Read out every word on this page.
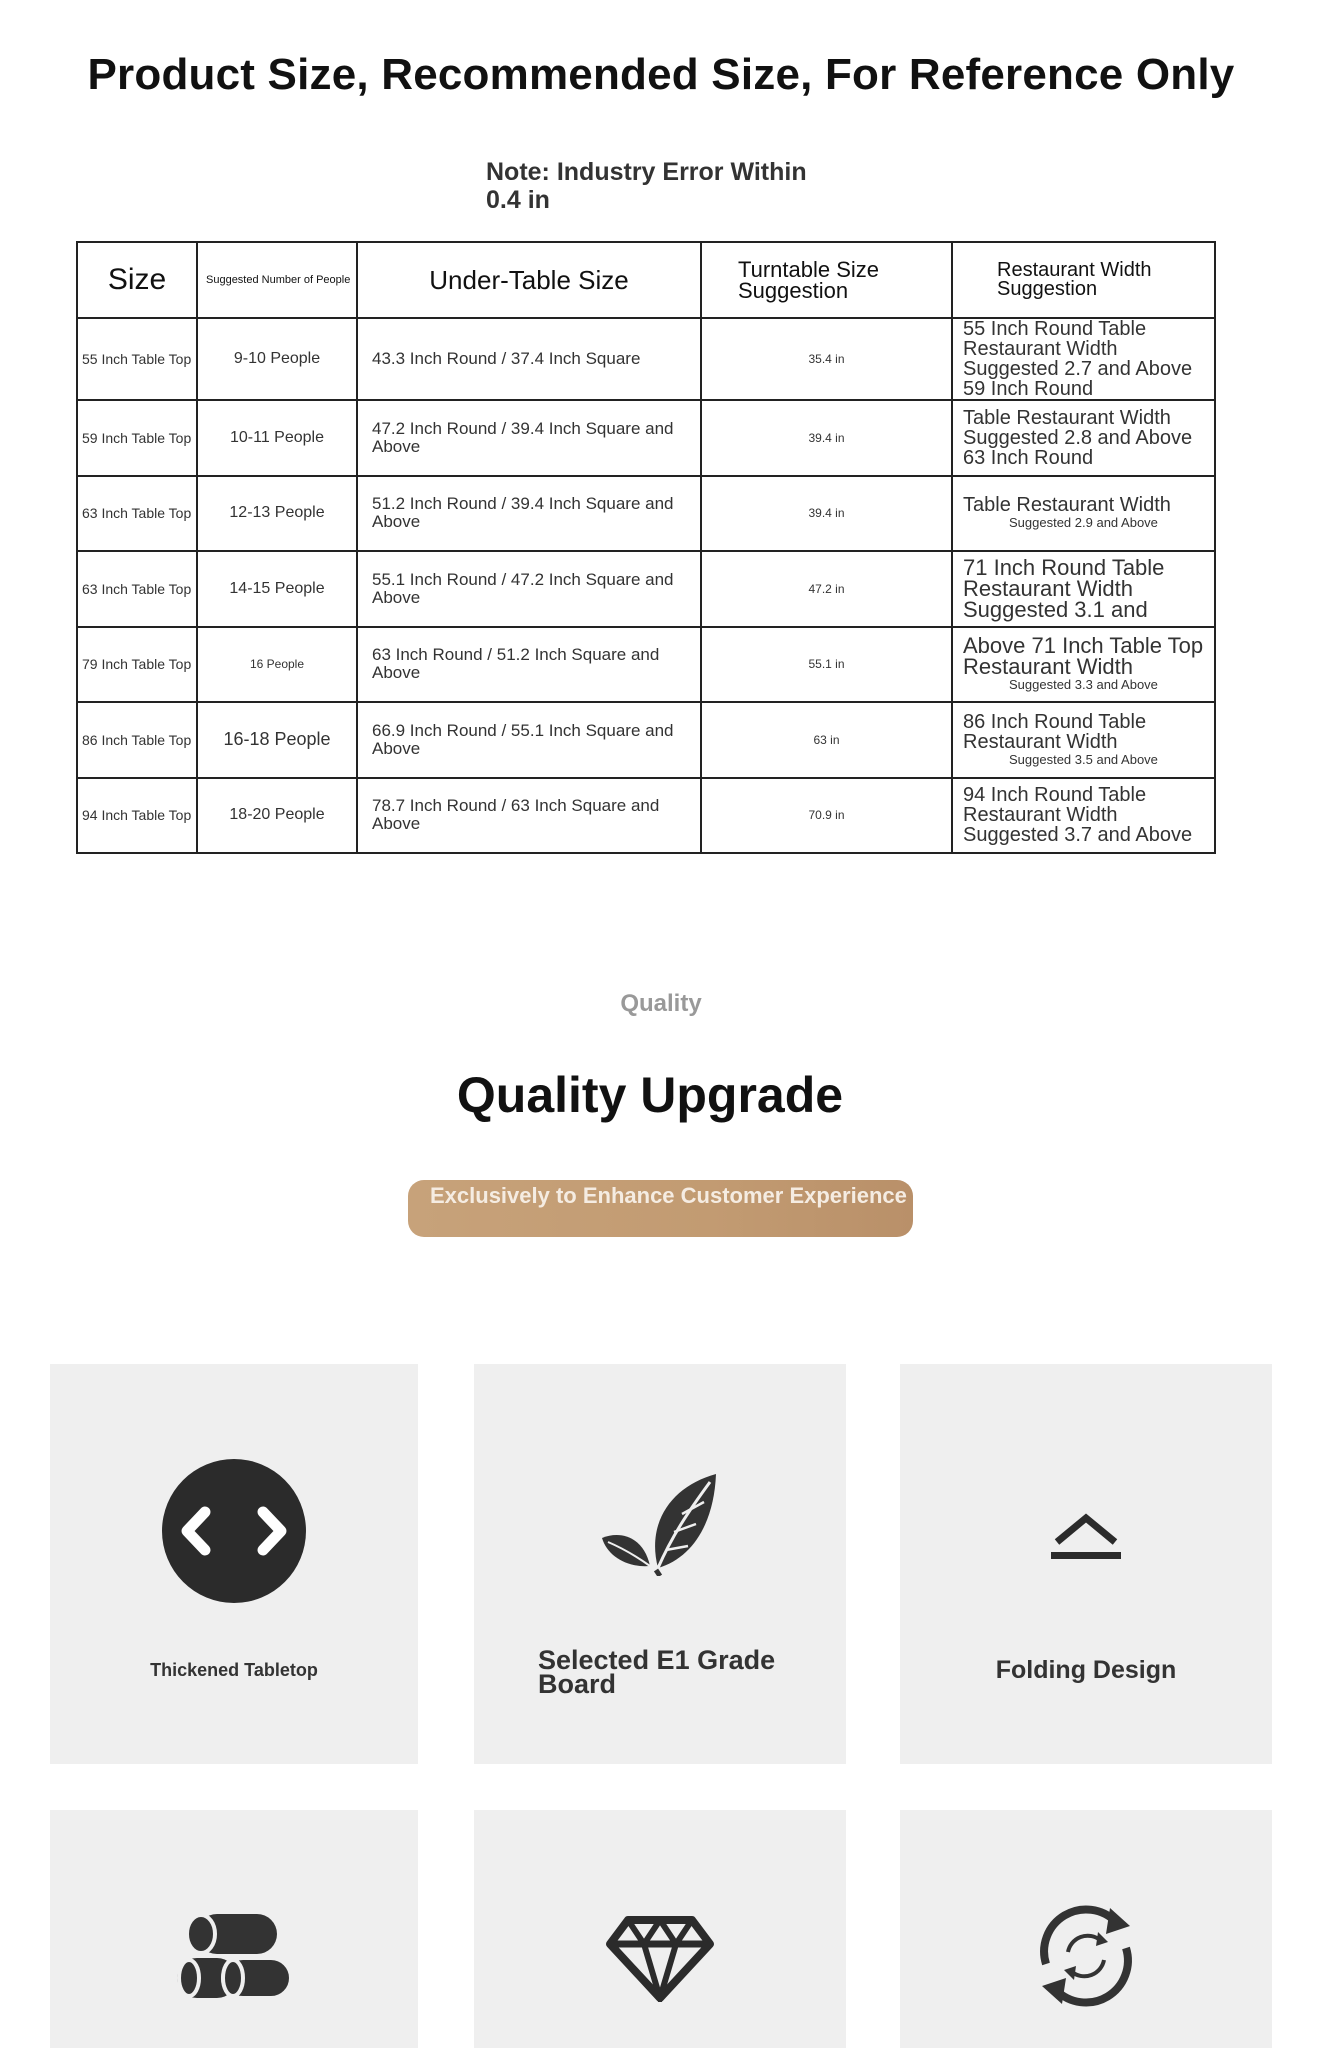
Product Size, Recommended Size, For Reference Only
Note: Industry Error Within 0.4 in
Size	Suggested Number of People	Under-Table Size	Turntable Size Suggestion	Restaurant Width Suggestion
55 Inch Table Top	9-10 People	43.3 Inch Round / 37.4 Inch Square	35.4 in	55 Inch Round Table Restaurant Width Suggested 2.7 and Above 59 Inch Round

59 Inch Table Top	10-11 People	47.2 Inch Round / 39.4 Inch Square and Above	39.4 in	Table Restaurant Width Suggested 2.8 and Above 63 Inch Round

63 Inch Table Top	12-13 People	51.2 Inch Round / 39.4 Inch Square and Above	39.4 in	Table Restaurant Width
Suggested 2.9 and Above

63 Inch Table Top	14-15 People	55.1 Inch Round / 47.2 Inch Square and Above	47.2 in	71 Inch Round Table Restaurant Width Suggested 3.1 and

79 Inch Table Top	16 People	63 Inch Round / 51.2 Inch Square and Above	55.1 in	Above 71 Inch Table Top Restaurant Width
Suggested 3.3 and Above

86 Inch Table Top	16-18 People	66.9 Inch Round / 55.1 Inch Square and Above	63 in	86 Inch Round Table Restaurant Width
Suggested 3.5 and Above

94 Inch Table Top	18-20 People	78.7 Inch Round / 63 Inch Square and Above	70.9 in	94 Inch Round Table Restaurant Width Suggested 3.7 and Above
Quality
Quality Upgrade
Exclusively to Enhance Customer Experience
Thickened Tabletop	Selected E1 Grade Board	Folding Design
